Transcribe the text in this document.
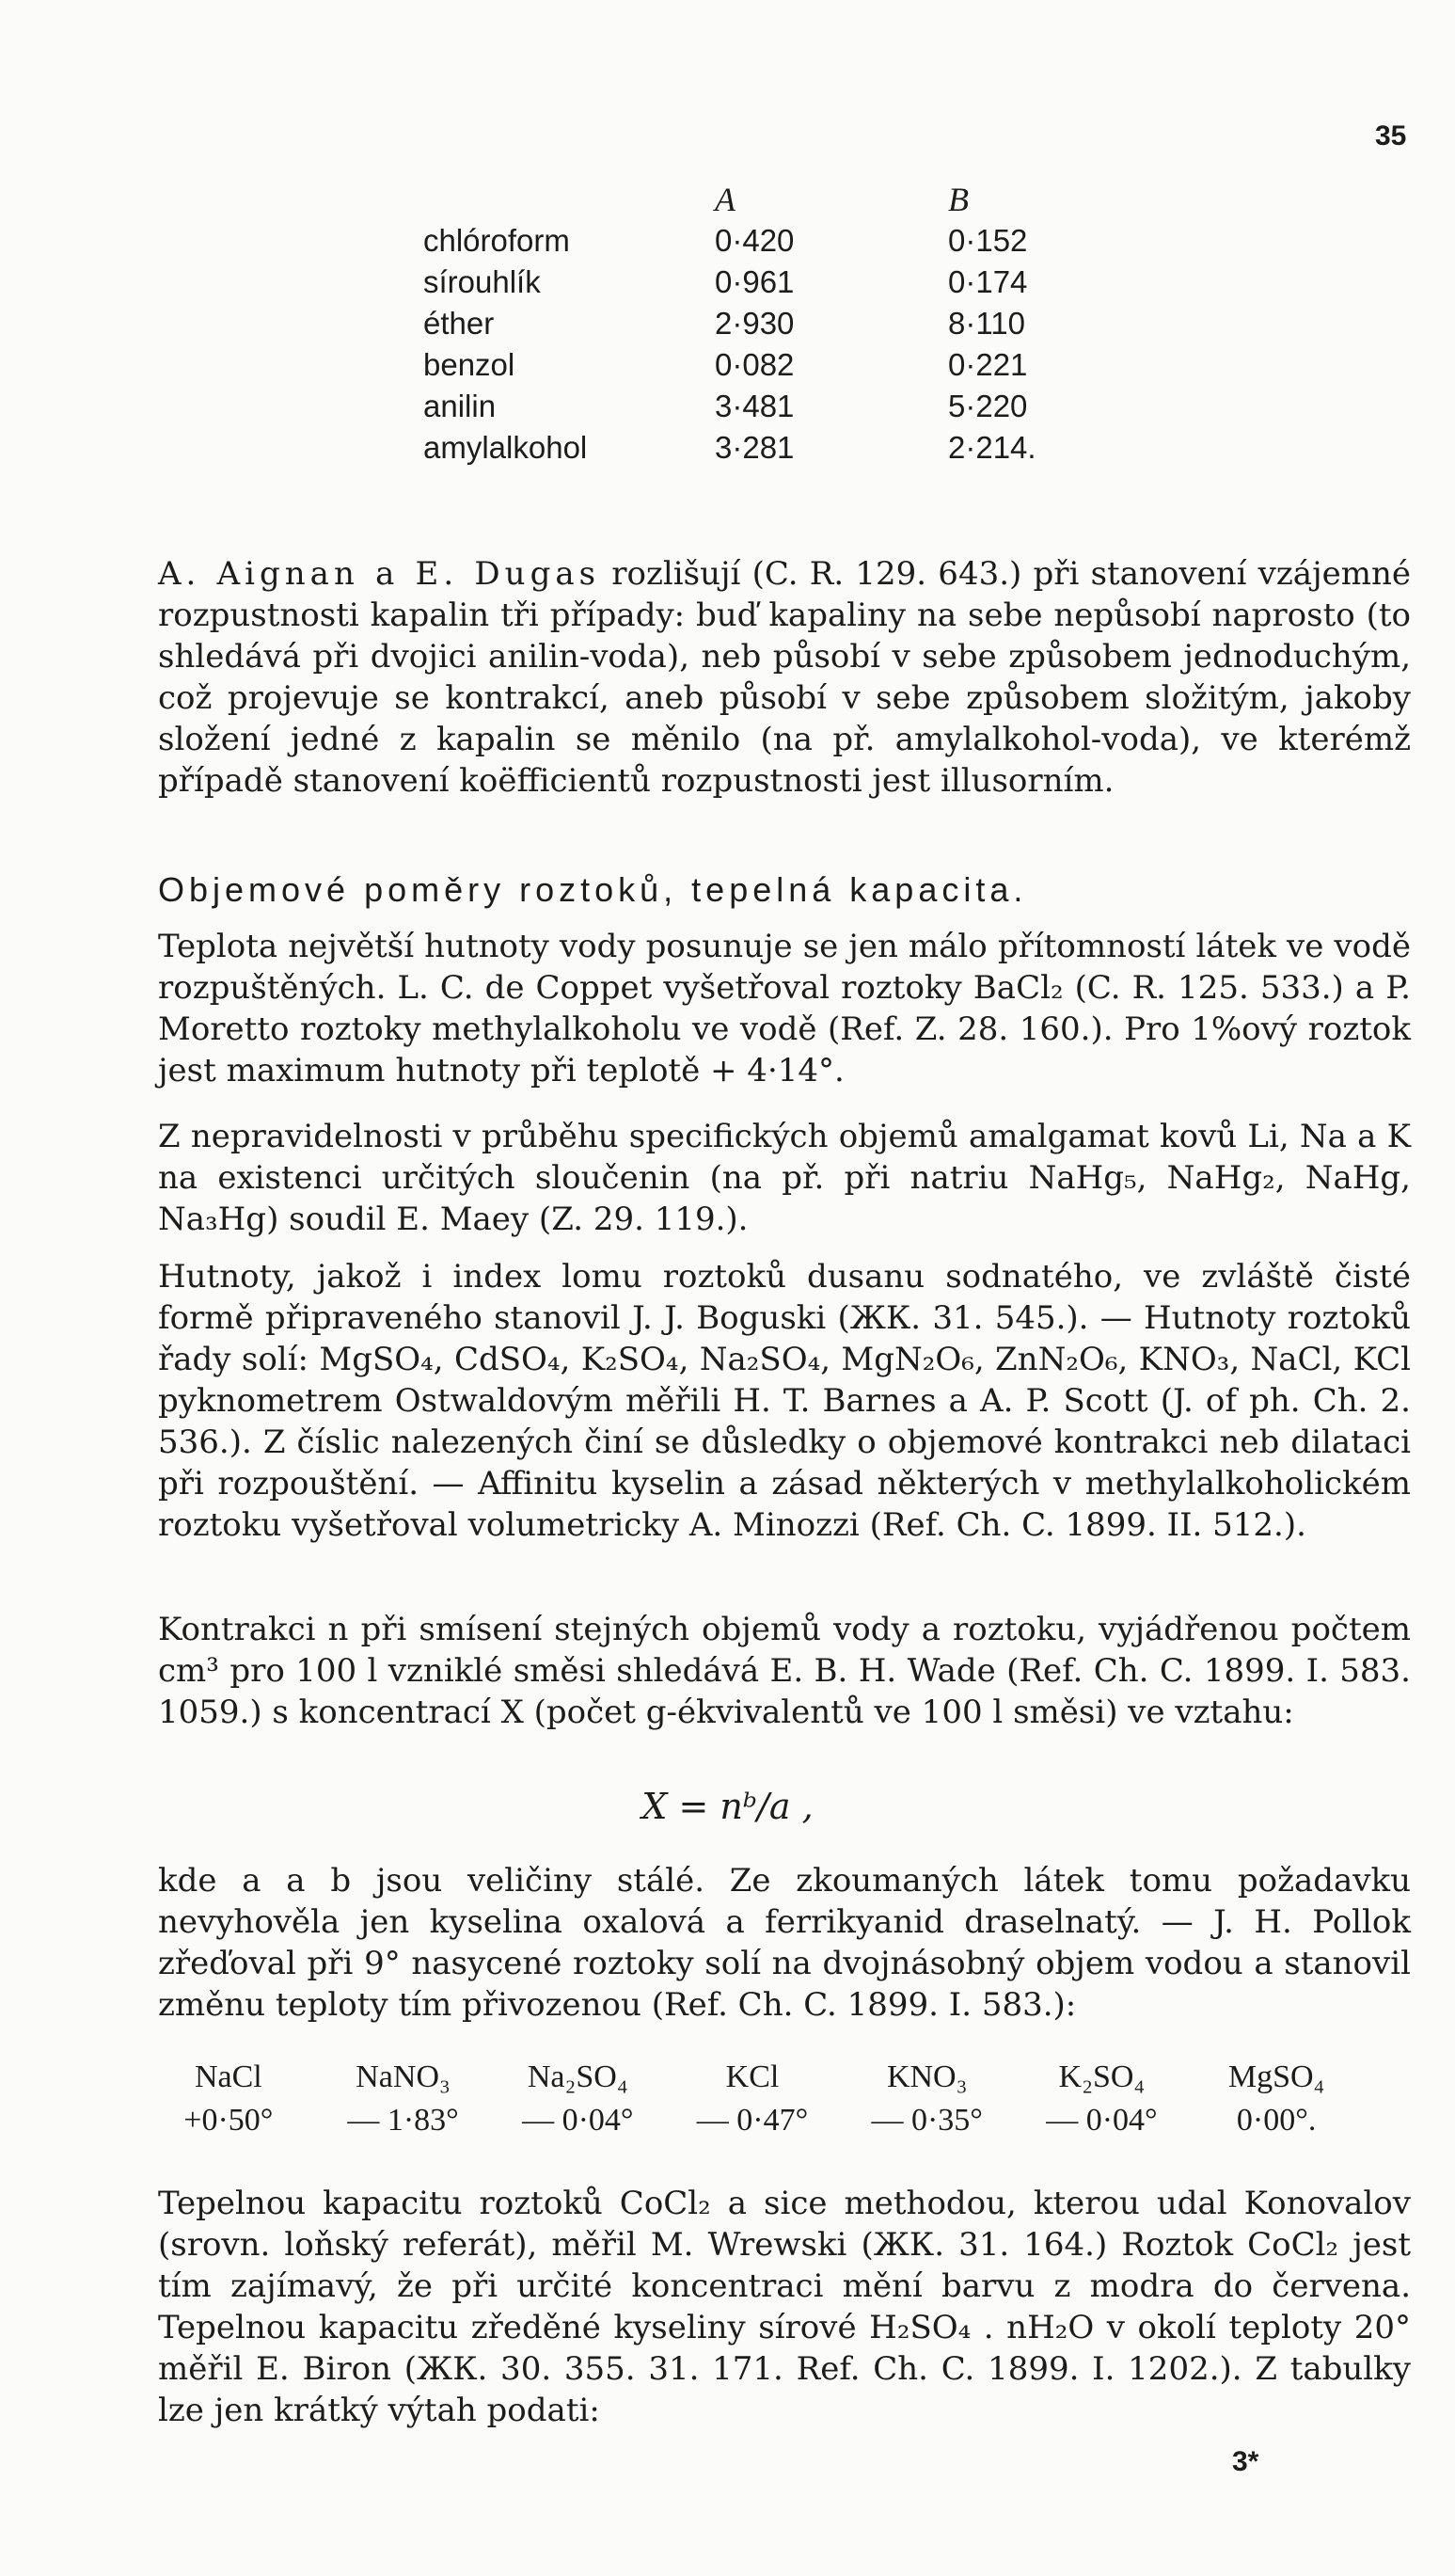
35
	A	B
chlóroform	0·420	0·152
sírouhlík	0·961	0·174
éther	2·930	8·110
benzol	0·082	0·221
anilin	3·481	5·220
amylalkohol	3·281	2·214.

A. Aignan a E. Dugas rozlišují (C. R. 129. 643.) při stanovení vzájemné rozpustnosti kapalin tři případy: buď kapaliny na sebe nepůsobí naprosto (to shledává při dvojici anilin-voda), neb působí v sebe způsobem jednoduchým, což projevuje se kontrakcí, aneb působí v sebe způsobem složitým, jakoby složení jedné z kapalin se měnilo (na př. amylalkohol-voda), ve kterémž případě stanovení koëfficientů rozpustnosti jest illusorním.

Objemové poměry roztoků, tepelná kapacita.

Teplota největší hutnoty vody posunuje se jen málo přítomností látek ve vodě rozpuštěných. L. C. de Coppet vyšetřoval roztoky BaCl₂ (C. R. 125. 533.) a P. Moretto roztoky methylalkoholu ve vodě (Ref. Z. 28. 160.). Pro 1%ový roztok jest maximum hutnoty při teplotě + 4·14°.

Z nepravidelnosti v průběhu specifických objemů amalgamat kovů Li, Na a K na existenci určitých sloučenin (na př. při natriu NaHg₅, NaHg₂, NaHg, Na₃Hg) soudil E. Maey (Z. 29. 119.).

Hutnoty, jakož i index lomu roztoků dusanu sodnatého, ve zvláště čisté formě připraveného stanovil J. J. Boguski (ЖК. 31. 545.). — Hutnoty roztoků řady solí: MgSO₄, CdSO₄, K₂SO₄, Na₂SO₄, MgN₂O₆, ZnN₂O₆, KNO₃, NaCl, KCl pyknometrem Ostwaldovým měřili H. T. Barnes a A. P. Scott (J. of ph. Ch. 2. 536.). Z číslic nalezených činí se důsledky o objemové kontrakci neb dilataci při rozpouštění. — Affinitu kyselin a zásad některých v methylalkoholickém roztoku vyšetřoval volumetricky A. Minozzi (Ref. Ch. C. 1899. II. 512.).

Kontrakci n při smísení stejných objemů vody a roztoku, vyjádřenou počtem cm³ pro 100 l vzniklé směsi shledává E. B. H. Wade (Ref. Ch. C. 1899. I. 583. 1059.) s koncentrací X (počet g-ékvivalentů ve 100 l směsi) ve vztahu:

X = nᵇ/a ,

kde a a b jsou veličiny stálé. Ze zkoumaných látek tomu požadavku nevyhověla jen kyselina oxalová a ferrikyanid draselnatý. — J. H. Pollok zřeďoval při 9° nasycené roztoky solí na dvojnásobný objem vodou a stanovil změnu teploty tím přivozenou (Ref. Ch. C. 1899. I. 583.):

NaCl	NaNO₃	Na₂SO₄	KCl	KNO₃	K₂SO₄	MgSO₄
+0·50°	— 1·83°	— 0·04°	— 0·47°	— 0·35°	— 0·04°	0·00°.

Tepelnou kapacitu roztoků CoCl₂ a sice methodou, kterou udal Konovalov (srovn. loňský referát), měřil M. Wrewski (ЖК. 31. 164.) Roztok CoCl₂ jest tím zajímavý, že při určité koncentraci mění barvu z modra do červena. Tepelnou kapacitu zředěné kyseliny sírové H₂SO₄ . nH₂O v okolí teploty 20° měřil E. Biron (ЖК. 30. 355. 31. 171. Ref. Ch. C. 1899. I. 1202.). Z tabulky lze jen krátký výtah podati:

3*
